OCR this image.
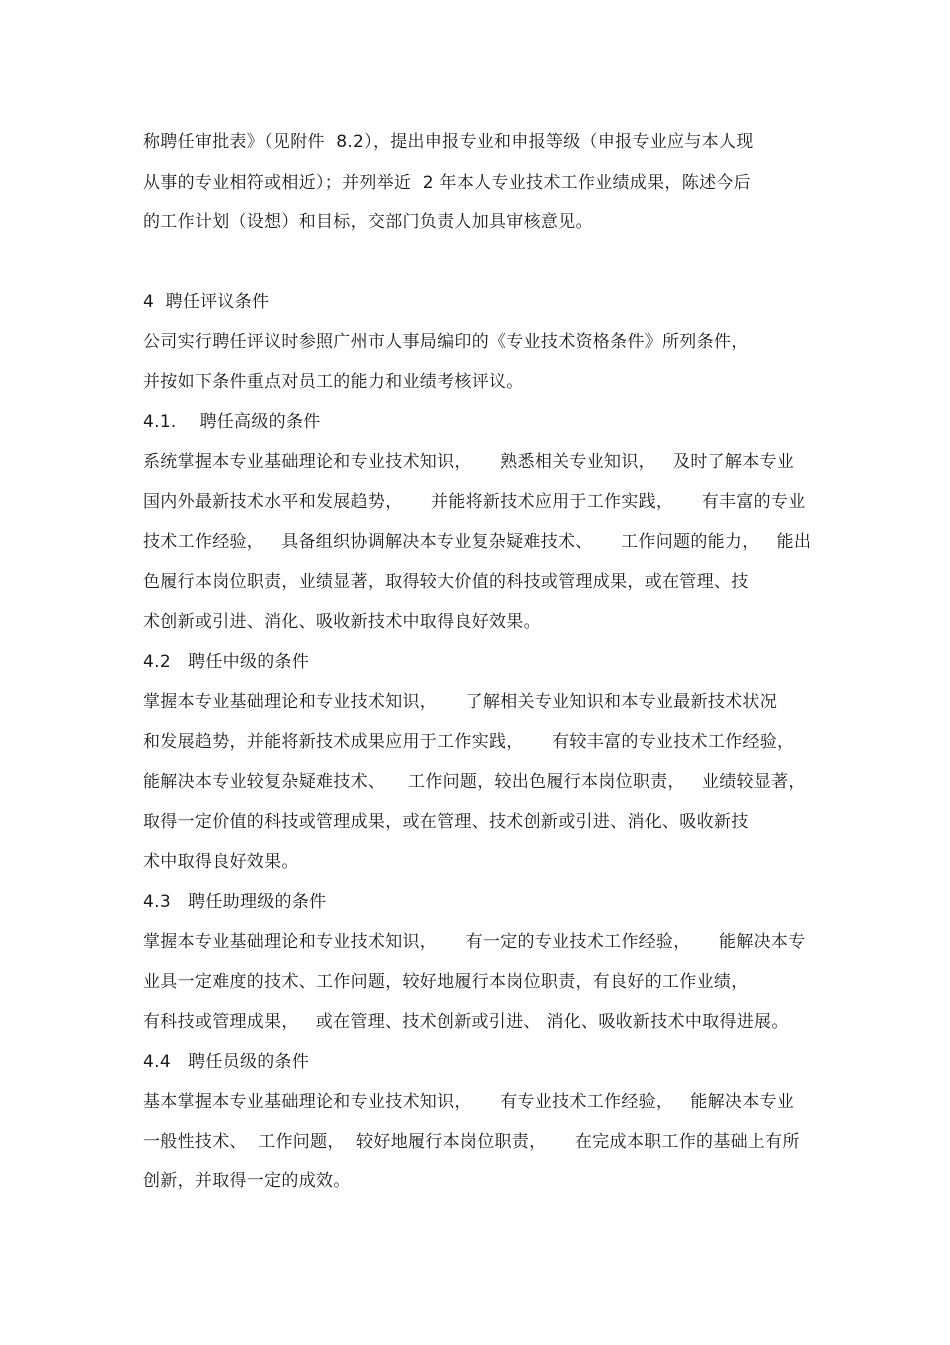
称聘任审批表》（见附件  8.2），提出申报专业和申报等级（申报专业应与本人现
从事的专业相符或相近）；并列举近  2 年本人专业技术工作业绩成果，陈述今后
的工作计划（设想）和目标，交部门负责人加具审核意见。
4  聘任评议条件
公司实行聘任评议时参照广州市人事局编印的《专业技术资格条件》所列条件，
并按如下条件重点对员工的能力和业绩考核评议。
4.1.    聘任高级的条件
系统掌握本专业基础理论和专业技术知识，     熟悉相关专业知识，   及时了解本专业
国内外最新技术水平和发展趋势，     并能将新技术应用于工作实践，     有丰富的专业
技术工作经验，   具备组织协调解决本专业复杂疑难技术、     工作问题的能力，   能出
色履行本岗位职责，业绩显著，取得较大价值的科技或管理成果，或在管理、技
术创新或引进、消化、吸收新技术中取得良好效果。
4.2   聘任中级的条件
掌握本专业基础理论和专业技术知识，     了解相关专业知识和本专业最新技术状况
和发展趋势，并能将新技术成果应用于工作实践，     有较丰富的专业技术工作经验，
能解决本专业较复杂疑难技术、    工作问题，较出色履行本岗位职责，   业绩较显著，
取得一定价值的科技或管理成果，或在管理、技术创新或引进、消化、吸收新技
术中取得良好效果。
4.3   聘任助理级的条件
掌握本专业基础理论和专业技术知识，     有一定的专业技术工作经验，     能解决本专
业具一定难度的技术、工作问题，较好地履行本岗位职责，有良好的工作业绩，
有科技或管理成果，   或在管理、技术创新或引进、 消化、吸收新技术中取得进展。
4.4   聘任员级的条件
基本掌握本专业基础理论和专业技术知识，     有专业技术工作经验，   能解决本专业
一般性技术、  工作问题，  较好地履行本岗位职责，     在完成本职工作的基础上有所
创新，并取得一定的成效。
